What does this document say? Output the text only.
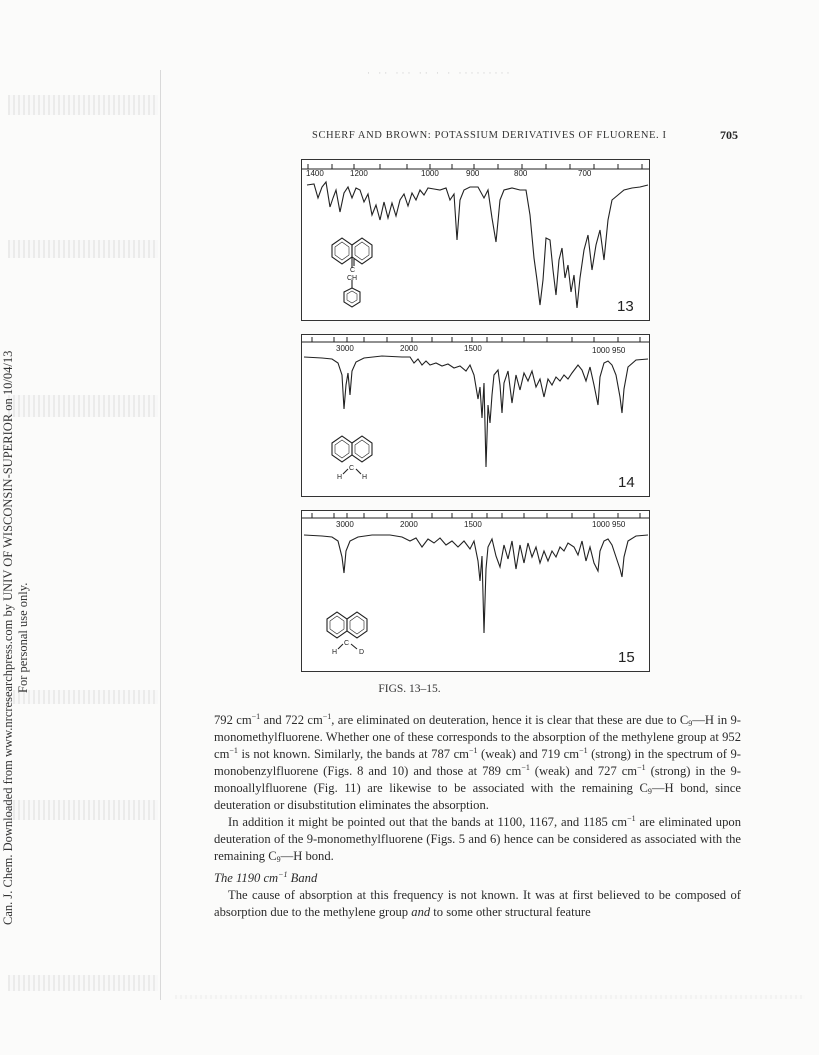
Can. J. Chem. Downloaded from www.nrcresearchpress.com by UNIV OF WISCONSIN-SUPERIOR on 10/04/13 For personal use only.
· ·· ··· ·· · · ·········
SCHERF AND BROWN: POTASSIUM DERIVATIVES OF FLUORENE. I	705
1400	1200	1000	900	800	700
C
CH
13
3000	2000	1500	1000 950
H
C
H	14
3000	2000	1500	1000 950
H
C
D	15
FIGS. 13–15.

792 $cm^{-1}$ and 722 $cm^{-1}$, are eliminated on deuteration, hence it is clear that these are due to $C_9—H$ in 9-monomethylfluorene. Whether one of these corresponds to the absorption of the methylene group at 952 $cm^{-1}$ is not known. Similarly, the bands at 787 $cm^{-1}$ (weak) and 719 $cm^{-1}$ (strong) in the spectrum of 9-monobenzylfluorene (Figs. 8 and 10) and those at 789 $cm^{-1}$ (weak) and 727 $cm^{-1}$ (strong) in the 9-monoallylfluorene (Fig. 11) are likewise to be associated with the remaining $C_9—H$ bond, since deuteration or disubstitution eliminates the absorption.

In addition it might be pointed out that the bands at 1100, 1167, and 1185 $cm^{-1}$ are eliminated upon deuteration of the 9-monomethylfluorene (Figs. 5 and 6) hence can be considered as associated with the remaining $C_9—H$ bond.

The 1190 $cm^{-1}$ Band

The cause of absorption at this frequency is not known. It was at first believed to be composed of absorption due to the methylene group and to some other structural feature
